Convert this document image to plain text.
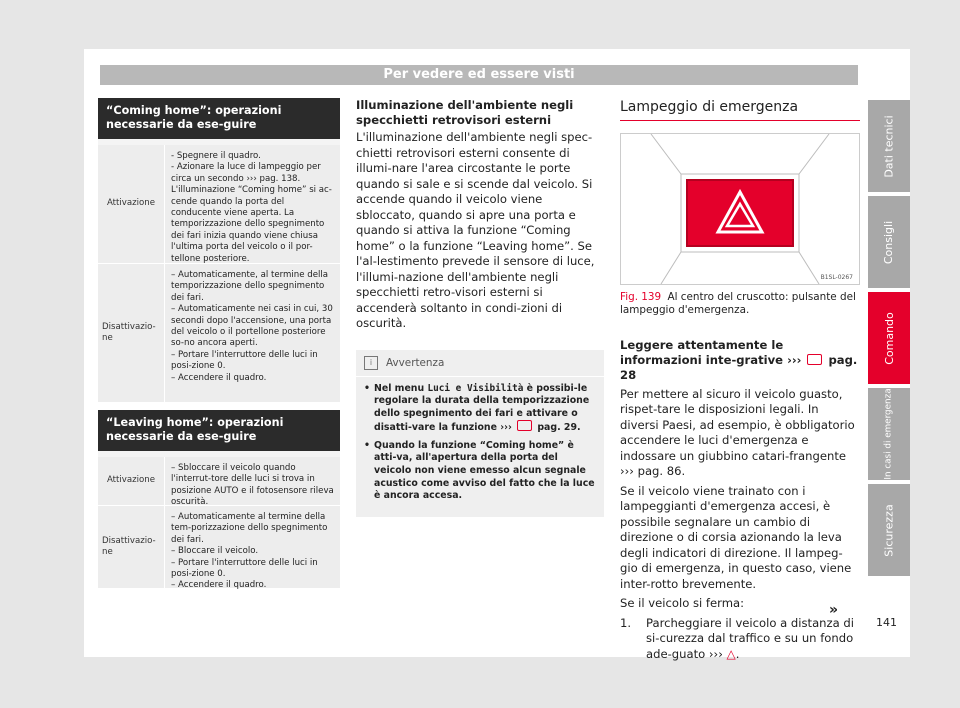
Per vedere ed essere visti
“Coming home”: operazioni necessarie da ese-guire
Attivazione

- Spegnere il quadro.

- Azionare la luce di lampeggio per circa un secondo ››› pag. 138.

L'illuminazione “Coming home” si ac-cende quando la porta del conducente viene aperta. La temporizzazione dello spegnimento dei fari inizia quando viene chiusa l'ultima porta del veicolo o il por-tellone posteriore.

Disattivazio-ne

– Automaticamente, al termine della temporizzazione dello spegnimento dei fari.

– Automaticamente nei casi in cui, 30 secondi dopo l'accensione, una porta del veicolo o il portellone posteriore so-no ancora aperti.

– Portare l'interruttore delle luci in posi-zione 0.

– Accendere il quadro.

“Leaving home”: operazioni necessarie da ese-guire
Attivazione

– Sbloccare il veicolo quando l'interrut-tore delle luci si trova in posizione AUTO e il fotosensore rileva oscurità.

Disattivazio-ne

– Automaticamente al termine della tem-porizzazione dello spegnimento dei fari.

– Bloccare il veicolo.

– Portare l'interruttore delle luci in posi-zione 0.

– Accendere il quadro.

Illuminazione dell'ambiente negli specchietti retrovisori esterni

L'illuminazione dell'ambiente negli spec-chietti retrovisori esterni consente di illumi-nare l'area circostante le porte quando si sale e si scende dal veicolo. Si accende quando il veicolo viene sbloccato, quando si apre una porta e quando si attiva la funzione “Coming home” o la funzione “Leaving home”. Se l'al-lestimento prevede il sensore di luce, l'illumi-nazione dell'ambiente negli specchietti retro-visori esterni si accenderà soltanto in condi-zioni di oscurità.

i	Avvertenza
• Nel menu Luci e Visibilità è possibi-le regolare la durata della temporizzazione dello spegnimento dei fari e attivare o disatti-vare la funzione ›››	pag. 29.
• Quando la funzione “Coming home” è atti-va, all'apertura della porta del veicolo non viene emesso alcun segnale acustico come avviso del fatto che la luce è ancora accesa.
Lampeggio di emergenza
B1SL-0267
Fig. 139 Al centro del cruscotto: pulsante del lampeggio d'emergenza.
Leggere attentamente le informazioni inte-grative ››› pag. 28

Per mettere al sicuro il veicolo guasto, rispet-tare le disposizioni legali. In diversi Paesi, ad esempio, è obbligatorio accendere le luci d'emergenza e indossare un giubbino catari-frangente ››› pag. 86.

Se il veicolo viene trainato con i lampeggianti d'emergenza accesi, è possibile segnalare un cambio di direzione o di corsia azionando la leva degli indicatori di direzione. Il lampeg-gio di emergenza, in questo caso, viene inter-rotto brevemente.

Se il veicolo si ferma:

1. Parcheggiare il veicolo a distanza di si-curezza dal traffico e su un fondo ade-guato ››› △.
»
141
Dati tecnici
Consigli
Comando
In casi di emergenza
Sicurezza
